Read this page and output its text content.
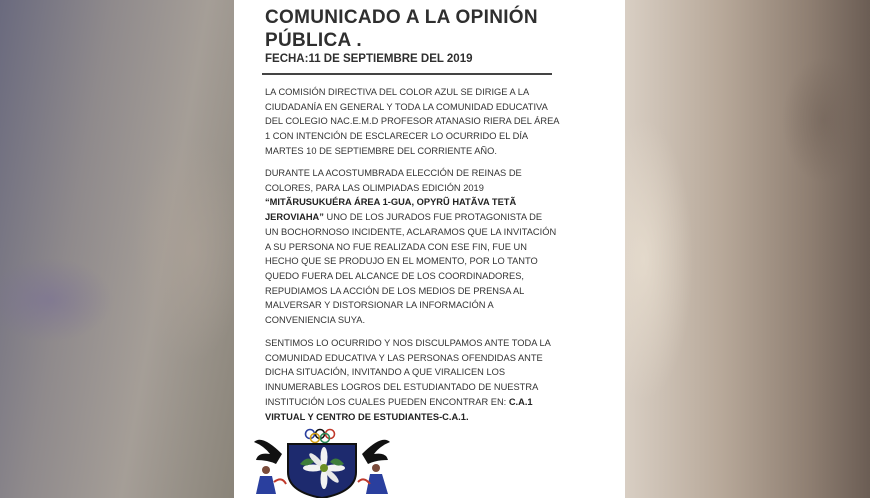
COMUNICADO A LA OPINIÓN PÚBLICA .
FECHA:11 DE SEPTIEMBRE DEL 2019
LA COMISIÓN DIRECTIVA DEL COLOR AZUL SE DIRIGE A LA
CIUDADANÍA EN GENERAL Y TODA LA COMUNIDAD EDUCATIVA
DEL COLEGIO NAC.E.M.D PROFESOR ATANASIO RIERA DEL ÁREA
1 CON INTENCIÓN DE ESCLARECER LO OCURRIDO EL DÍA
MARTES 10 DE SEPTIEMBRE DEL CORRIENTE AÑO.
DURANTE LA ACOSTUMBRADA ELECCIÓN DE REINAS DE
COLORES, PARA LAS OLIMPIADAS EDICIÓN 2019
“MITÃRUSUKUÉRA ÁREA 1-GUA, OPYRŨ HATÃVA TETÃ
JEROVIAHA” UNO DE LOS JURADOS FUE PROTAGONISTA DE
UN BOCHORNOSO INCIDENTE, ACLARAMOS QUE LA INVITACIÓN
A SU PERSONA NO FUE REALIZADA CON ESE FIN, FUE UN
HECHO QUE SE PRODUJO EN EL MOMENTO, POR LO TANTO
QUEDO FUERA DEL ALCANCE DE LOS COORDINADORES,
REPUDIAMOS LA ACCIÓN DE LOS MEDIOS DE PRENSA AL
MALVERSAR Y DISTORSIONAR LA INFORMACIÓN A
CONVENIENCIA SUYA.
SENTIMOS LO OCURRIDO Y NOS DISCULPAMOS ANTE TODA LA
COMUNIDAD EDUCATIVA Y LAS PERSONAS OFENDIDAS ANTE
DICHA SITUACIÓN, INVITANDO A QUE VIRALICEN LOS
INNUMERABLES LOGROS DEL ESTUDIANTADO DE NUESTRA
INSTITUCIÓN LOS CUALES PUEDEN ENCONTRAR EN: C.A.1
VIRTUAL Y CENTRO DE ESTUDIANTES-C.A.1.
